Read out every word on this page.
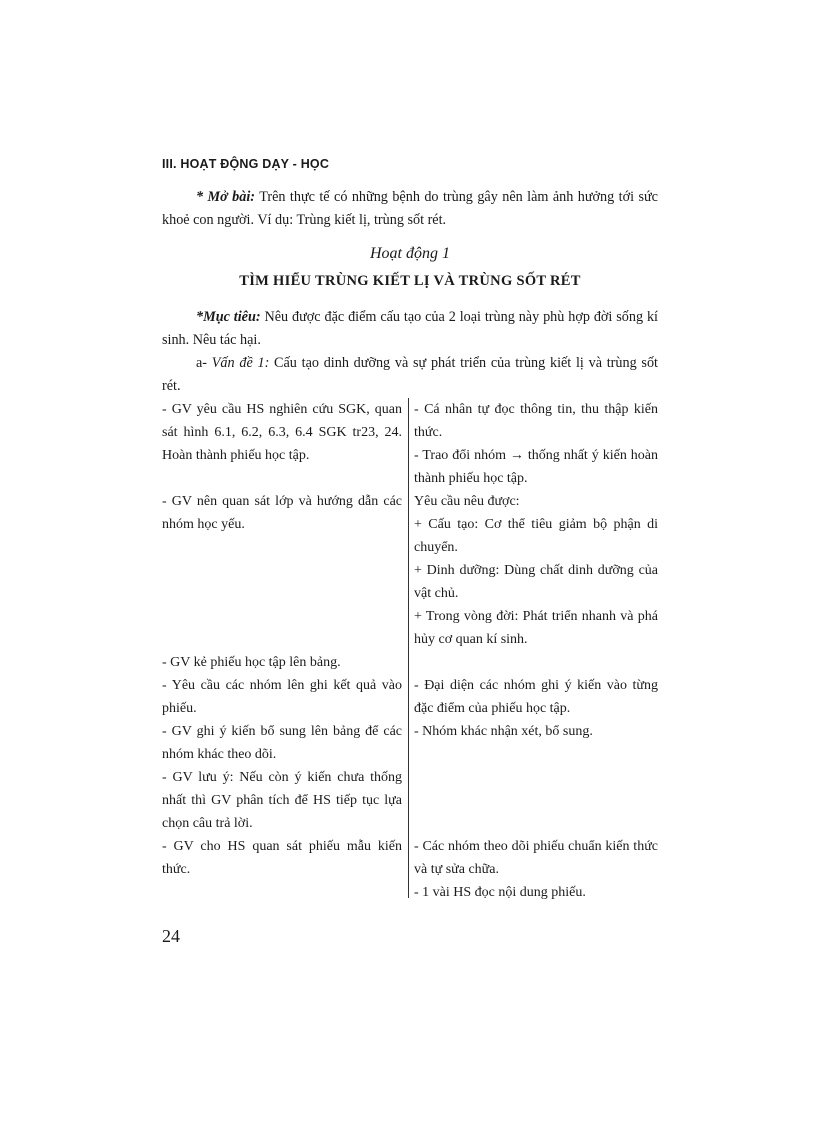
III. HOẠT ĐỘNG DẠY - HỌC

* Mở bài: Trên thực tế có những bệnh do trùng gây nên làm ảnh hưởng tới sức khoẻ con người. Ví dụ: Trùng kiết lị, trùng sốt rét.

Hoạt động 1
TÌM HIỂU TRÙNG KIẾT LỊ VÀ TRÙNG SỐT RÉT

*Mục tiêu: Nêu được đặc điểm cấu tạo của 2 loại trùng này phù hợp đời sống kí sinh. Nêu tác hại.

a- Vấn đề 1: Cấu tạo dinh dưỡng và sự phát triển của trùng kiết lị và trùng sốt rét.

- GV yêu cầu HS nghiên cứu SGK, quan sát hình 6.1, 6.2, 6.3, 6.4 SGK tr23, 24. Hoàn thành phiếu học tập.
- GV nên quan sát lớp và hướng dẫn các nhóm học yếu.
- GV kẻ phiếu học tập lên bảng.
- Yêu cầu các nhóm lên ghi kết quả vào phiếu.
- GV ghi ý kiến bổ sung lên bảng để các nhóm khác theo dõi.
- GV lưu ý: Nếu còn ý kiến chưa thống nhất thì GV phân tích để HS tiếp tục lựa chọn câu trả lời.
- GV cho HS quan sát phiếu mẫu kiến thức.
- Cá nhân tự đọc thông tin, thu thập kiến thức.
- Trao đổi nhóm → thống nhất ý kiến hoàn thành phiếu học tập.
Yêu cầu nêu được:
+ Cấu tạo: Cơ thể tiêu giảm bộ phận di chuyển.
+ Dinh dưỡng: Dùng chất dinh dưỡng của vật chủ.
+ Trong vòng đời: Phát triển nhanh và phá hủy cơ quan kí sinh.
- Đại diện các nhóm ghi ý kiến vào từng đặc điểm của phiếu học tập.
- Nhóm khác nhận xét, bổ sung.
- Các nhóm theo dõi phiếu chuẩn kiến thức và tự sửa chữa.
- 1 vài HS đọc nội dung phiếu.
24
